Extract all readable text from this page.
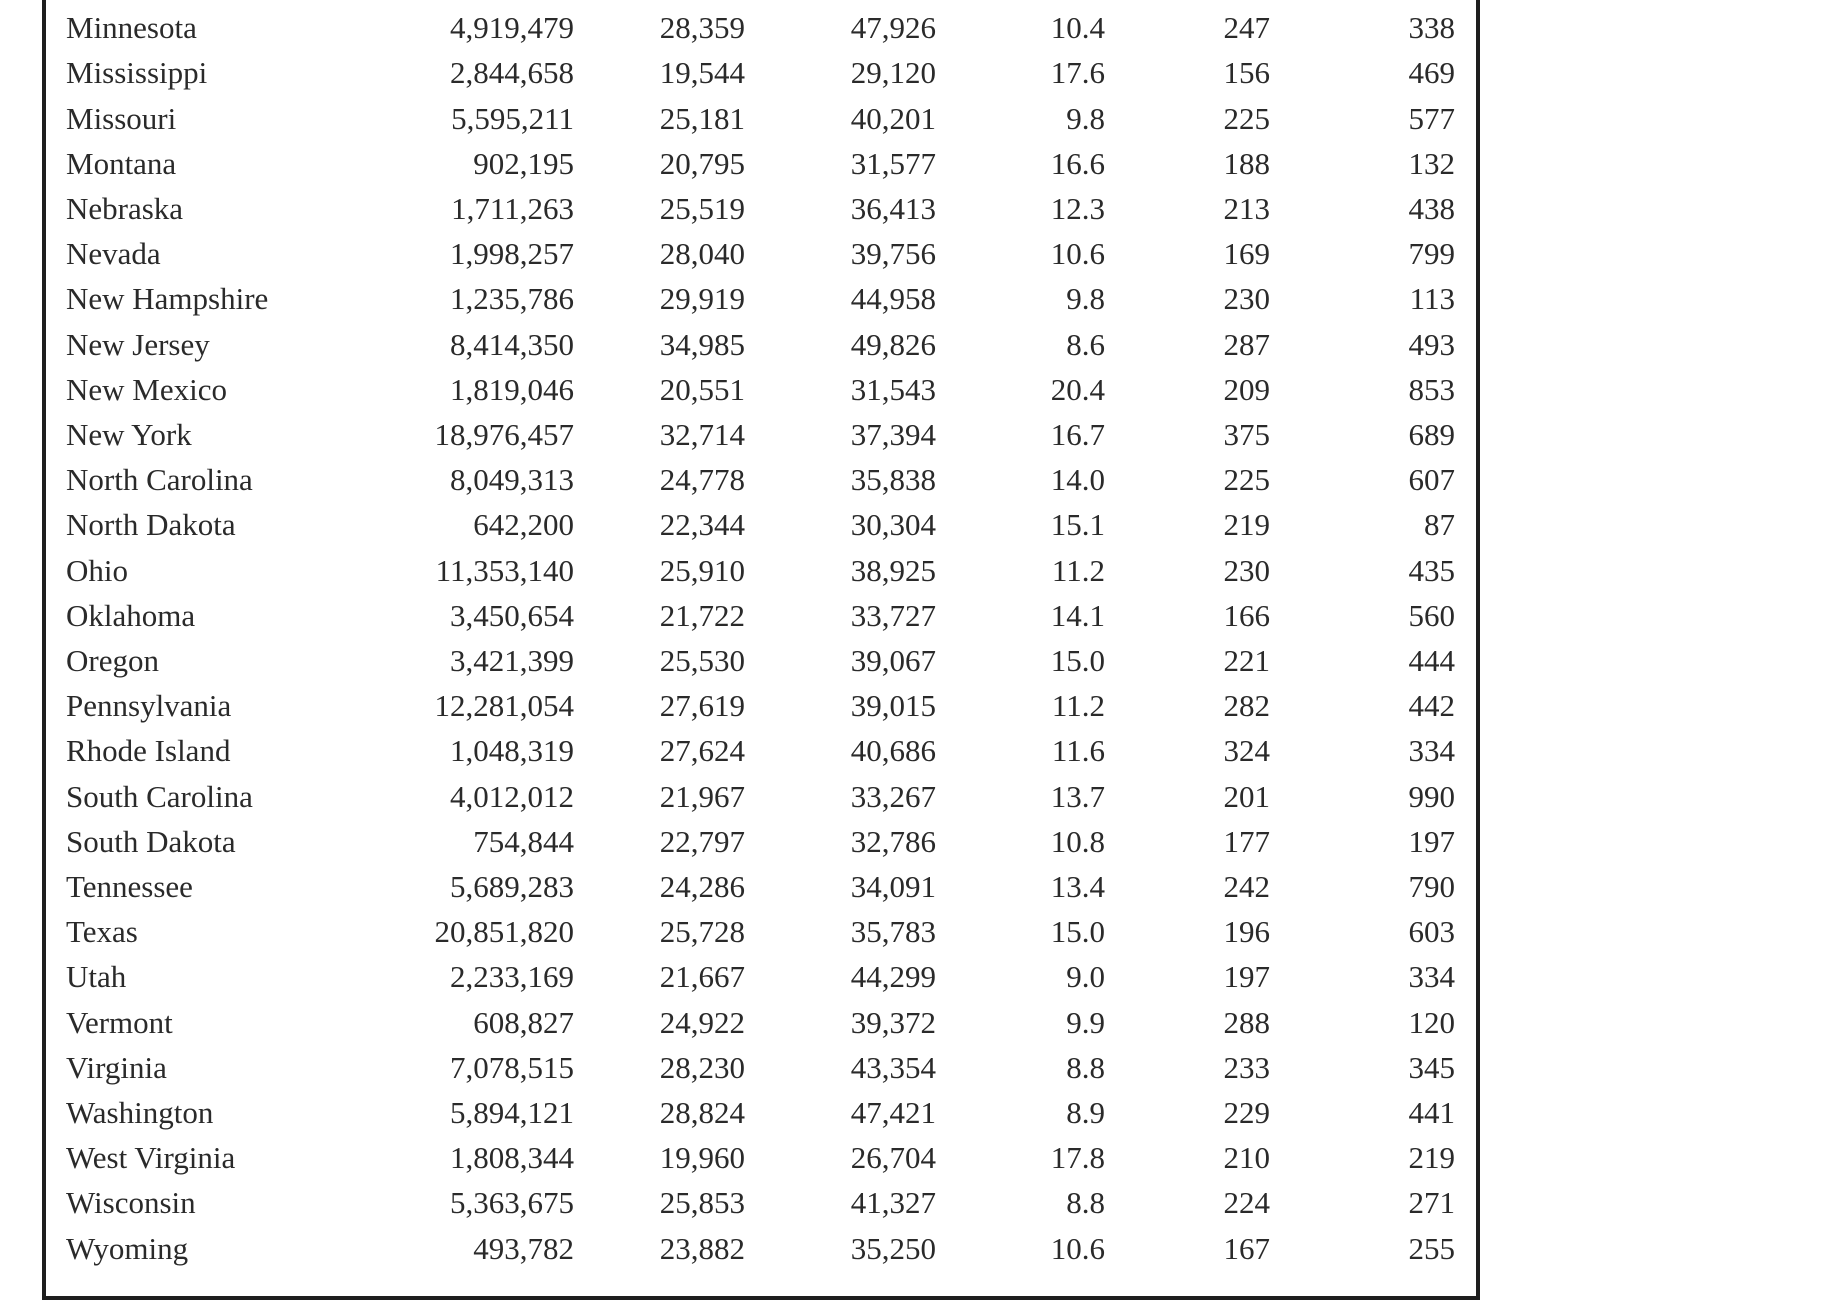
	Minnesota	4,919,479	28,359	47,926	10.4	247	338
	Mississippi	2,844,658	19,544	29,120	17.6	156	469
	Missouri	5,595,211	25,181	40,201	9.8	225	577
	Montana	902,195	20,795	31,577	16.6	188	132
	Nebraska	1,711,263	25,519	36,413	12.3	213	438
	Nevada	1,998,257	28,040	39,756	10.6	169	799
	New Hampshire	1,235,786	29,919	44,958	9.8	230	113
	New Jersey	8,414,350	34,985	49,826	8.6	287	493
	New Mexico	1,819,046	20,551	31,543	20.4	209	853
	New York	18,976,457	32,714	37,394	16.7	375	689
	North Carolina	8,049,313	24,778	35,838	14.0	225	607
	North Dakota	642,200	22,344	30,304	15.1	219	87
	Ohio	11,353,140	25,910	38,925	11.2	230	435
	Oklahoma	3,450,654	21,722	33,727	14.1	166	560
	Oregon	3,421,399	25,530	39,067	15.0	221	444
	Pennsylvania	12,281,054	27,619	39,015	11.2	282	442
	Rhode Island	1,048,319	27,624	40,686	11.6	324	334
	South Carolina	4,012,012	21,967	33,267	13.7	201	990
	South Dakota	754,844	22,797	32,786	10.8	177	197
	Tennessee	5,689,283	24,286	34,091	13.4	242	790
	Texas	20,851,820	25,728	35,783	15.0	196	603
	Utah	2,233,169	21,667	44,299	9.0	197	334
	Vermont	608,827	24,922	39,372	9.9	288	120
	Virginia	7,078,515	28,230	43,354	8.8	233	345
	Washington	5,894,121	28,824	47,421	8.9	229	441
	West Virginia	1,808,344	19,960	26,704	17.8	210	219
	Wisconsin	5,363,675	25,853	41,327	8.8	224	271
	Wyoming	493,782	23,882	35,250	10.6	167	255
